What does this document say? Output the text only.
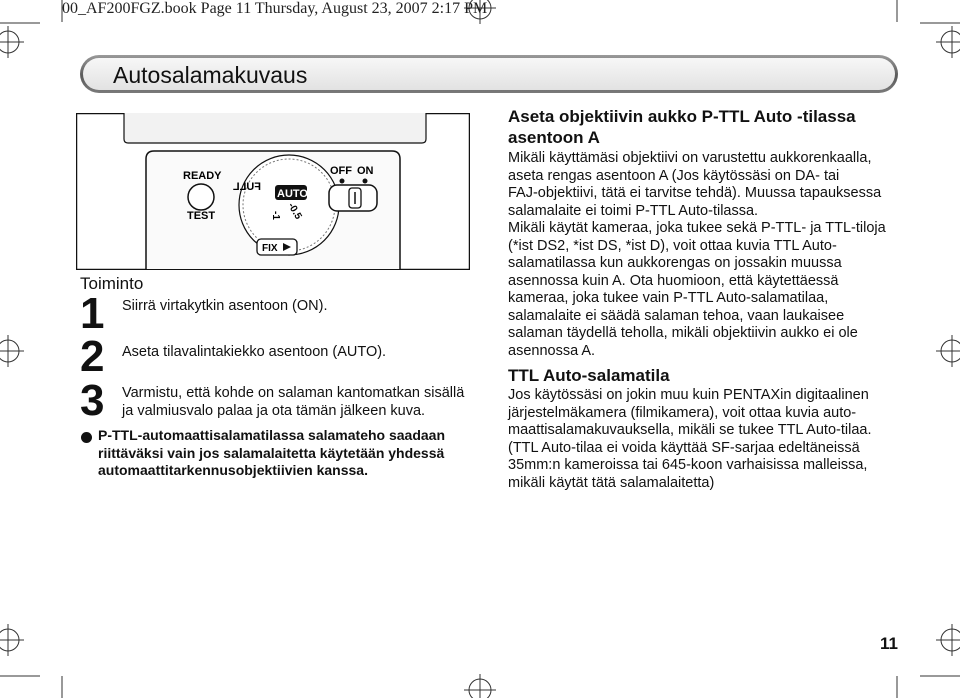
00_AF200FGZ.book Page 11 Thursday, August 23, 2007 2:17 PM
Autosalamakuvaus
READY
TEST
FULL
AUTO
-1 -0.5
OFF ON
FIX
Toiminto
1 Siirrä virtakytkin asentoon (ON).
2 Aseta tilavalintakiekko asentoon (AUTO).
3 Varmistu, että kohde on salaman kantomatkan sisällä
ja valmiusvalo palaa ja ota tämän jälkeen kuva.
P-TTL-automaattisalamatilassa salamateho saadaan
riittäväksi vain jos salamalaitetta käytetään yhdessä
automaattitarkennusobjektiivien kanssa.
Aseta objektiivin aukko P-TTL Auto -tilassa
asentoon A
Mikäli käyttämäsi objektiivi on varustettu aukkorenkaalla,
aseta rengas asentoon A (Jos käytössäsi on DA- tai
FAJ-objektiivi, tätä ei tarvitse tehdä). Muussa tapauksessa
salamalaite ei toimi P-TTL Auto-tilassa.
Mikäli käytät kameraa, joka tukee sekä P-TTL- ja TTL-tiloja
(*ist DS2, *ist DS, *ist D), voit ottaa kuvia TTL Auto-
salamatilassa kun aukkorengas on jossakin muussa
asennossa kuin A. Ota huomioon, että käytettäessä
kameraa, joka tukee vain P-TTL Auto-salamatilaa,
salamalaite ei säädä salaman tehoa, vaan laukaisee
salaman täydellä teholla, mikäli objektiivin aukko ei ole
asennossa A.
TTL Auto-salamatila
Jos käytössäsi on jokin muu kuin PENTAXin digitaalinen
järjestelmäkamera (filmikamera), voit ottaa kuvia auto-
maattisalamakuvauksella, mikäli se tukee TTL Auto-tilaa.
(TTL Auto-tilaa ei voida käyttää SF-sarjaa edeltäneissä
35mm:n kameroissa tai 645-koon varhaisissa malleissa,
mikäli käytät tätä salamalaitetta)
11
